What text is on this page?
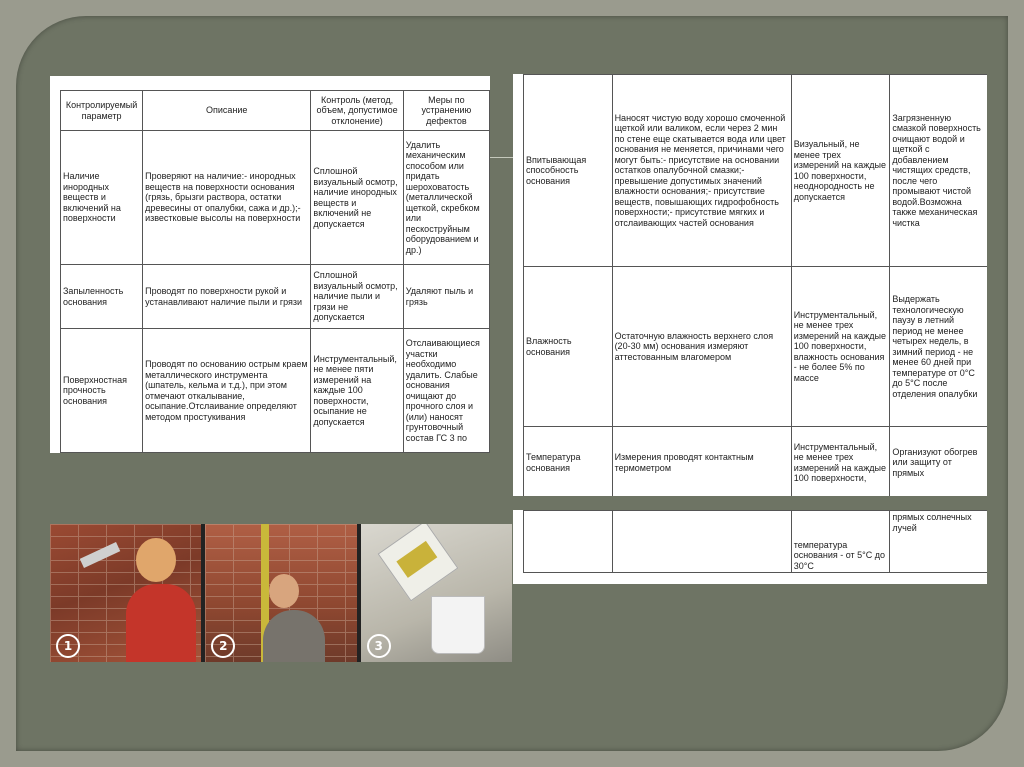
Контролируемый параметр	Описание	Контроль (метод, объем, допустимое отклонение)	Меры по устранению дефектов
Наличие инородных веществ и включений на поверхности	Проверяют на наличие:- инородных веществ на поверхности основания (грязь, брызги раствора, остатки древесины от опалубки, сажа и др.);- известковые высолы на поверхности	Сплошной визуальный осмотр, наличие инородных веществ и включений не допускается	Удалить механическим способом или придать шероховатость (металлической щеткой, скребком или пескоструйным оборудованием и др.)
Запыленность основания	Проводят по поверхности рукой и устанавливают наличие пыли и грязи	Сплошной визуальный осмотр, наличие пыли и грязи не допускается	Удаляют пыль и грязь
Поверхностная прочность основания	Проводят по основанию острым краем металлического инструмента (шпатель, кельма и т.д.), при этом отмечают откалывание, осыпание.Отслаивание определяют методом простукивания	Инструментальный, не менее пяти измерений на каждые 100 поверхности, осыпание не допускается	Отслаивающиеся участки необходимо удалить. Слабые основания очищают до прочного слоя и (или) наносят грунтовочный состав ГС 3 по
Впитывающая способность основания	Наносят чистую воду хорошо смоченной щеткой или валиком, если через 2 мин по стене еще скатывается вода или цвет основания не меняется, причинами чего могут быть:- присутствие на основании остатков опалубочной смазки;- превышение допустимых значений влажности основания;- присутствие веществ, повышающих гидрофобность поверхности;- присутствие мягких и отслаивающих частей основания	Визуальный, не менее трех измерений на каждые 100 поверхности, неоднородность не допускается	Загрязненную смазкой поверхность очищают водой и щеткой с добавлением чистящих средств, после чего промывают чистой водой.Возможна также механическая чистка
Влажность основания	Остаточную влажность верхнего слоя (20-30 мм) основания измеряют аттестованным влагомером	Инструментальный, не менее трех измерений на каждые 100 поверхности, влажность основания - не более 5% по массе	Выдержать технологическую паузу в летний период не менее четырех недель, в зимний период - не менее 60 дней при температуре от 0°С до 5°С после отделения опалубки
Температура основания	Измерения проводят контактным термометром	Инструментальный, не менее трех измерений на каждые 100 поверхности,	Организуют обогрев или защиту от прямых
		температура основания - от 5°С до 30°С	прямых солнечных лучей
1	2	3
